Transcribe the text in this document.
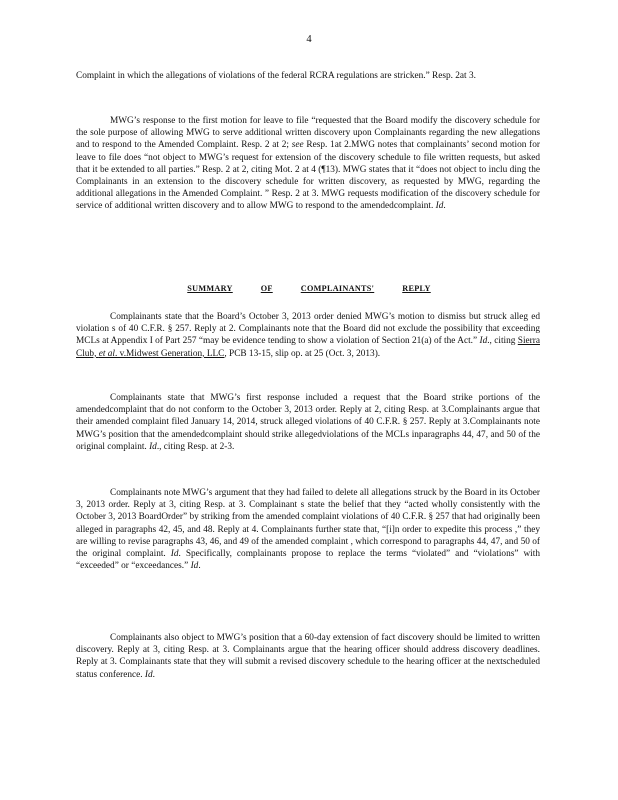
4

Complaint in which the allegations of violations of the federal RCRA regulations are stricken.” Resp. 2at 3.

MWG’s response to the first motion for leave to file “requested that the Board modify the discovery schedule for the sole purpose of allowing MWG to serve additional written discovery upon Complainants regarding the new allegations and to respond to the Amended Complaint. Resp. 2 at 2; see Resp. 1at 2.MWG notes that complainants’ second motion for leave to file does “not object to MWG’s request for extension of the discovery schedule to file written requests, but asked that it be extended to all parties.” Resp. 2 at 2, citing Mot. 2 at 4 (¶13). MWG states that it “does not object to inclu ding the Complainants in an extension to the discovery schedule for written discovery, as requested by MWG, regarding the additional allegations in the Amended Complaint. ” Resp. 2 at 3. MWG requests modification of the discovery schedule for service of additional written discovery and to allow MWG to respond to the amendedcomplaint. Id.

SUMMARY	OF	COMPLAINANTS'	REPLY

Complainants state that the Board’s October 3, 2013 order denied MWG’s motion to dismiss but struck alleg ed violation s of 40 C.F.R. § 257. Reply at 2. Complainants note that the Board did not exclude the possibility that exceeding MCLs at Appendix I of Part 257 “may be evidence tending to show a violation of Section 21(a) of the Act.” Id., citing Sierra Club, et al. v.Midwest Generation, LLC, PCB 13-15, slip op. at 25 (Oct. 3, 2013).

Complainants state that MWG’s first response included a request that the Board strike portions of the amendedcomplaint that do not conform to the October 3, 2013 order. Reply at 2, citing Resp. at 3.Complainants argue that their amended complaint filed January 14, 2014, struck alleged violations of 40 C.F.R. § 257. Reply at 3.Complainants note MWG’s position that the amendedcomplaint should strike allegedviolations of the MCLs inparagraphs 44, 47, and 50 of the original complaint. Id., citing Resp. at 2-3.

Complainants note MWG’s argument that they had failed to delete all allegations struck by the Board in its October 3, 2013 order. Reply at 3, citing Resp. at 3. Complainant s state the belief that they “acted wholly consistently with the October 3, 2013 BoardOrder” by striking from the amended complaint violations of 40 C.F.R. § 257 that had originally been alleged in paragraphs 42, 45, and 48. Reply at 4. Complainants further state that, “[i]n order to expedite this process ,” they are willing to revise paragraphs 43, 46, and 49 of the amended complaint , which correspond to paragraphs 44, 47, and 50 of the original complaint. Id. Specifically, complainants propose to replace the terms “violated” and “violations” with “exceeded” or “exceedances.” Id.

Complainants also object to MWG’s position that a 60-day extension of fact discovery should be limited to written discovery. Reply at 3, citing Resp. at 3. Complainants argue that the hearing officer should address discovery deadlines. Reply at 3. Complainants state that they will submit a revised discovery schedule to the hearing officer at the nextscheduled status conference. Id.
